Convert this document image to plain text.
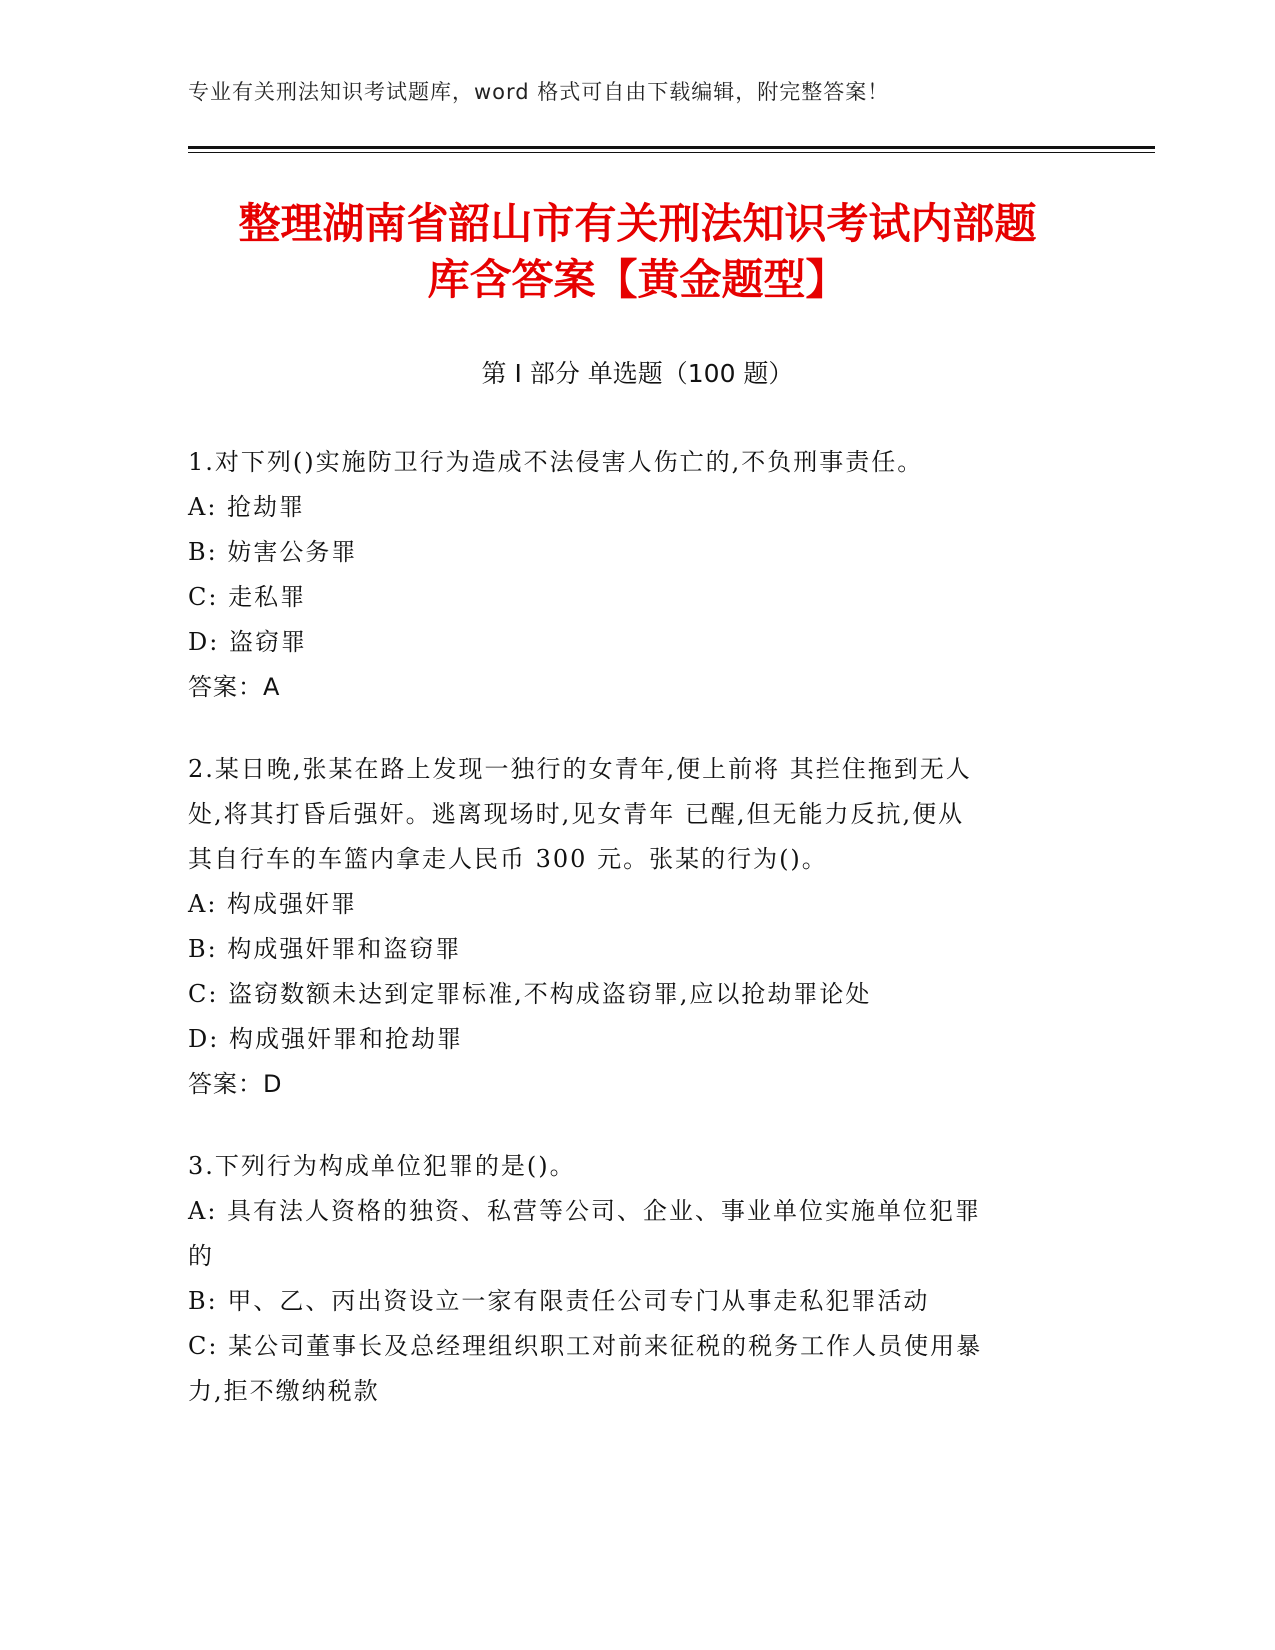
专业有关刑法知识考试题库，word 格式可自由下载编辑，附完整答案！
整理湖南省韶山市有关刑法知识考试内部题
库含答案【黄金题型】
第 I 部分 单选题（100 题）
1.对下列()实施防卫行为造成不法侵害人伤亡的,不负刑事责任。
A: 抢劫罪
B: 妨害公务罪
C: 走私罪
D: 盗窃罪
答案：A
2.某日晚,张某在路上发现一独行的女青年,便上前将 其拦住拖到无人
处,将其打昏后强奸。逃离现场时,见女青年 已醒,但无能力反抗,便从
其自行车的车篮内拿走人民币 300 元。张某的行为()。
A: 构成强奸罪
B: 构成强奸罪和盗窃罪
C: 盗窃数额未达到定罪标准,不构成盗窃罪,应以抢劫罪论处
D: 构成强奸罪和抢劫罪
答案：D
3.下列行为构成单位犯罪的是()。
A: 具有法人资格的独资、私营等公司、企业、事业单位实施单位犯罪
的
B: 甲、乙、丙出资设立一家有限责任公司专门从事走私犯罪活动
C: 某公司董事长及总经理组织职工对前来征税的税务工作人员使用暴
力,拒不缴纳税款
